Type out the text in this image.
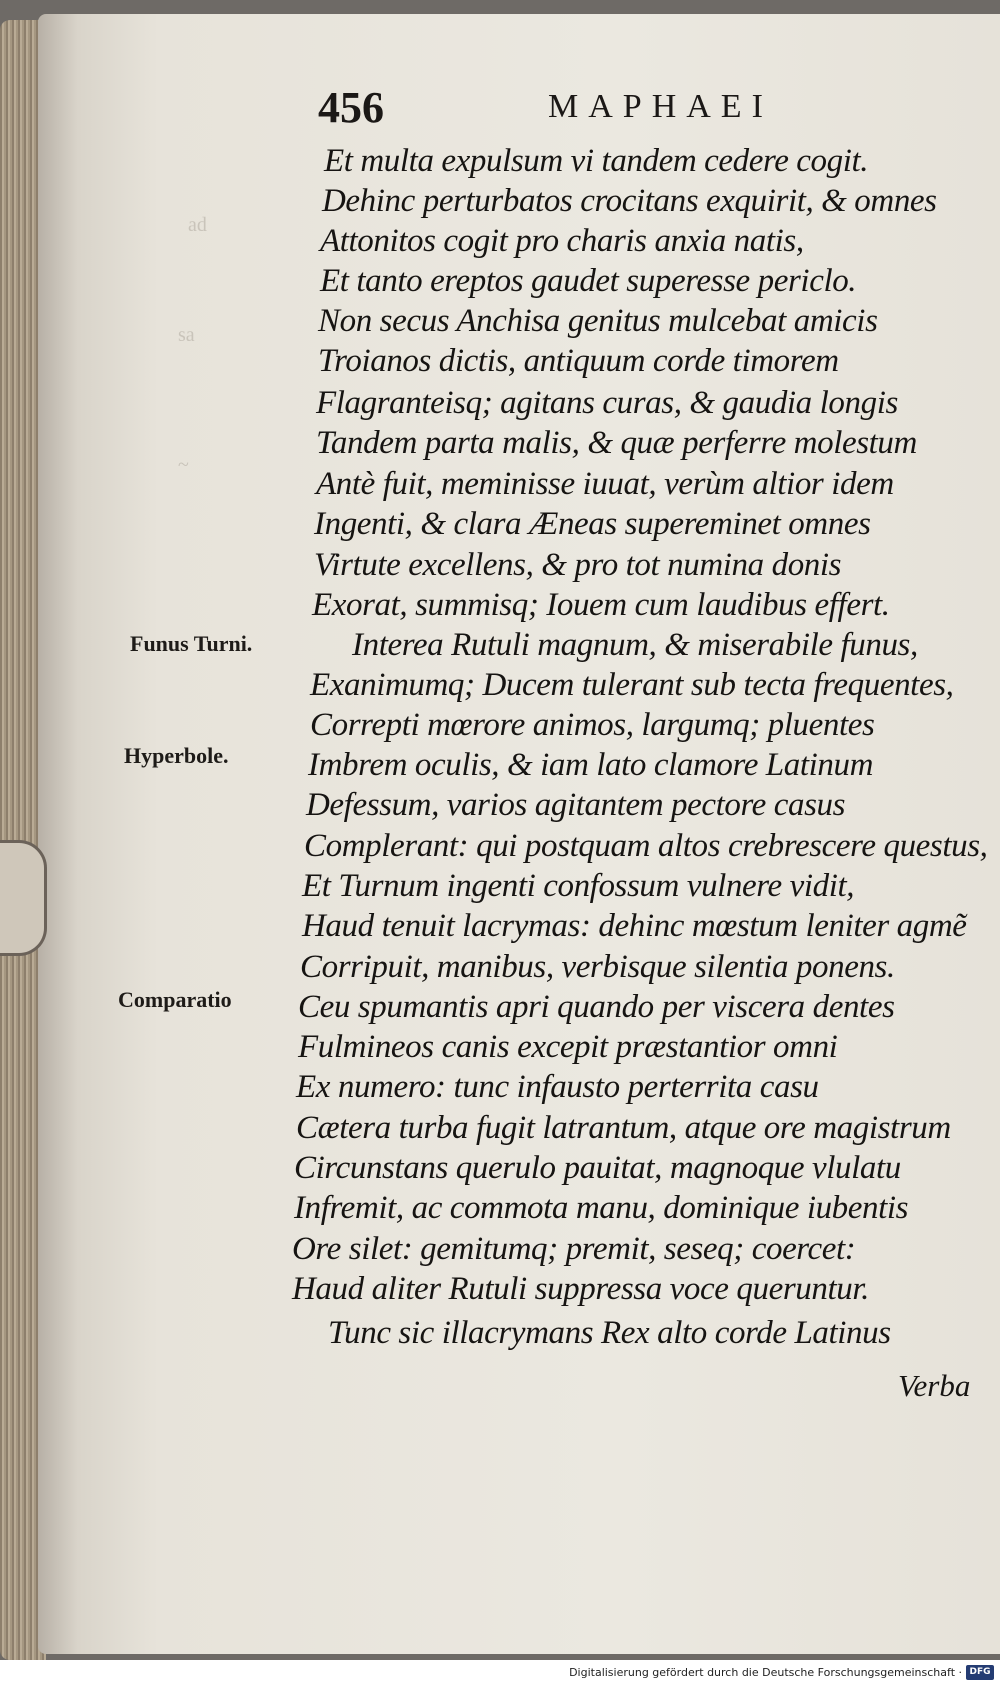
ad
sa
~
456	MAPHAEI
Funus Turni.
Hyperbole.
Comparatio
Et multa expulsum vi tandem cedere cogit.
Dehinc perturbatos crocitans exquirit, & omnes
Attonitos cogit pro charis anxia natis,
Et tanto ereptos gaudet superesse periclo.
Non secus Anchisa genitus mulcebat amicis
Troianos dictis, antiquum corde timorem
Flagranteisq; agitans curas, & gaudia longis
Tandem parta malis, & quæ perferre molestum
Antè fuit, meminisse iuuat, verùm altior idem
Ingenti, & clara Æneas supereminet omnes
Virtute excellens, & pro tot numina donis
Exorat, summisq; Iouem cum laudibus effert.
Interea Rutuli magnum, & miserabile funus,
Exanimumq; Ducem tulerant sub tecta frequentes,
Correpti mœrore animos, largumq; pluentes
Imbrem oculis, & iam lato clamore Latinum
Defessum, varios agitantem pectore casus
Complerant: qui postquam altos crebrescere questus,
Et Turnum ingenti confossum vulnere vidit,
Haud tenuit lacrymas: dehinc mœstum leniter agmẽ
Corripuit, manibus, verbisque silentia ponens.
Ceu spumantis apri quando per viscera dentes
Fulmineos canis excepit præstantior omni
Ex numero: tunc infausto perterrita casu
Cætera turba fugit latrantum, atque ore magistrum
Circunstans querulo pauitat, magnoque vlulatu
Infremit, ac commota manu, dominique iubentis
Ore silet: gemitumq; premit, seseq; coercet:
Haud aliter Rutuli suppressa voce queruntur.
Tunc sic illacrymans Rex alto corde Latinus
Verba
Digitalisierung gefördert durch die Deutsche Forschungsgemeinschaft · DFG
